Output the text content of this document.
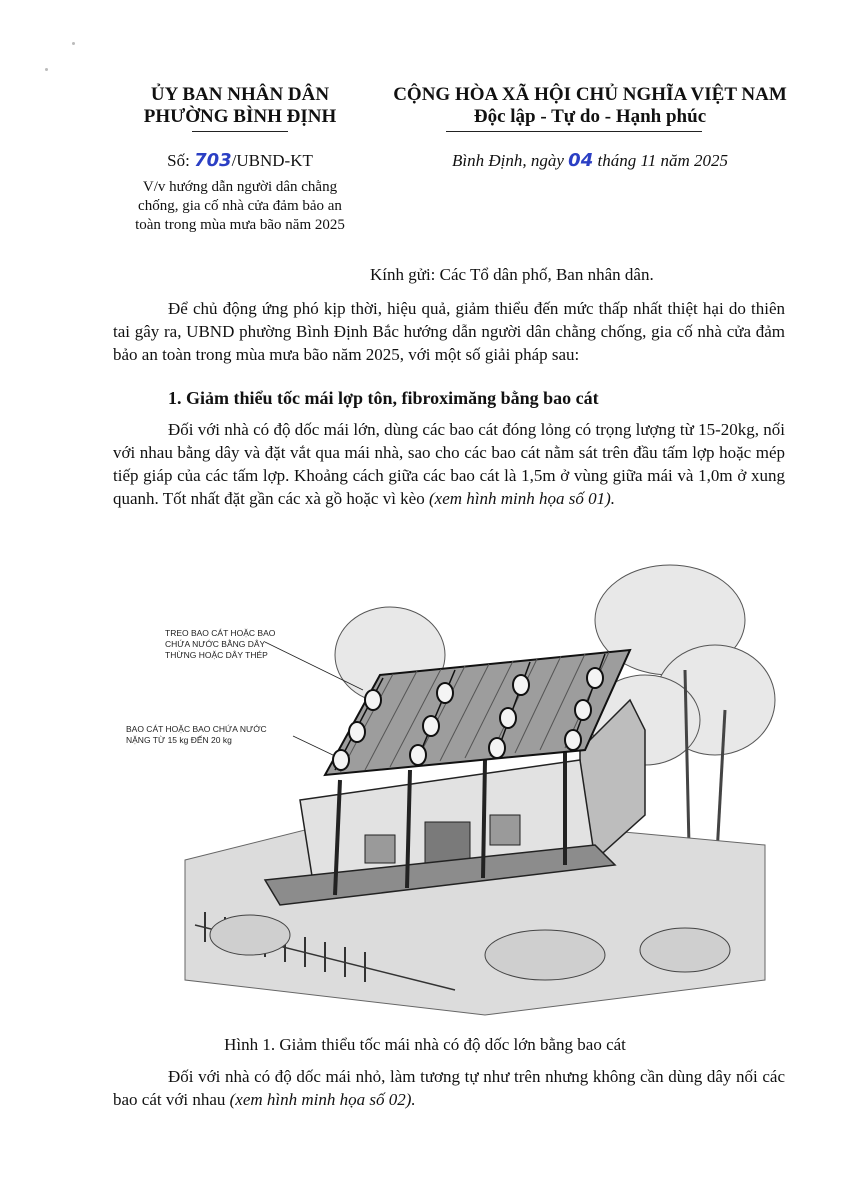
ỦY BAN NHÂN DÂN
PHƯỜNG BÌNH ĐỊNH
CỘNG HÒA XÃ HỘI CHỦ NGHĨA VIỆT NAM
Độc lập - Tự do - Hạnh phúc
Số: 703/UBND-KT	Bình Định, ngày 04 tháng 11 năm 2025
V/v hướng dẫn người dân chằng
chống, gia cố nhà cửa đảm bảo an
toàn trong mùa mưa bão năm 2025
Kính gửi: Các Tổ dân phố, Ban nhân dân.
Để chủ động ứng phó kịp thời, hiệu quả, giảm thiểu đến mức thấp nhất thiệt hại do thiên tai gây ra, UBND phường Bình Định Bắc hướng dẫn người dân chằng chống, gia cố nhà cửa đảm bảo an toàn trong mùa mưa bão năm 2025, với một số giải pháp sau:
1. Giảm thiểu tốc mái lợp tôn, fibroximăng bằng bao cát
Đối với nhà có độ dốc mái lớn, dùng các bao cát đóng lỏng có trọng lượng từ 15-20kg, nối với nhau bằng dây và đặt vắt qua mái nhà, sao cho các bao cát nằm sát trên đầu tấm lợp hoặc mép tiếp giáp của các tấm lợp. Khoảng cách giữa các bao cát là 1,5m ở vùng giữa mái và 1,0m ở xung quanh. Tốt nhất đặt gần các xà gồ hoặc vì kèo (xem hình minh họa số 01).
TREO BAO CÁT HOẶC BAO
CHỨA NƯỚC BẰNG DÂY
THỪNG HOẶC DÂY THÉP
BAO CÁT HOẶC BAO CHỨA NƯỚC
NẶNG TỪ 15 kg ĐẾN 20 kg
Hình 1. Giảm thiểu tốc mái nhà có độ dốc lớn bằng bao cát
Đối với nhà có độ dốc mái nhỏ, làm tương tự như trên nhưng không cần dùng dây nối các bao cát với nhau (xem hình minh họa số 02).
